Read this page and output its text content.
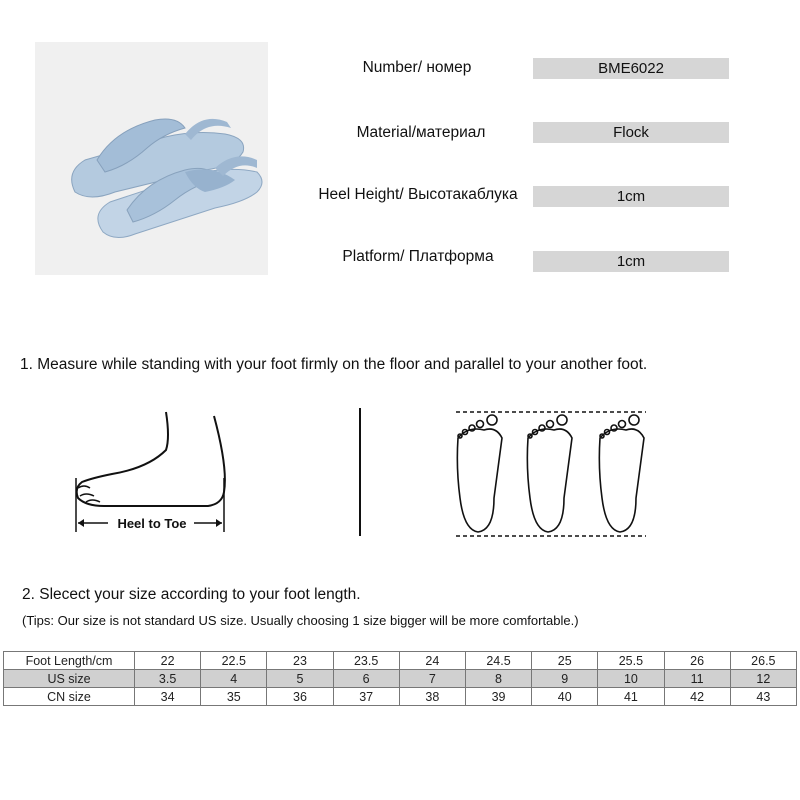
Number/ номер	BME6022
Material/материал	Flock
Heel Height/ Высотакаблука	1cm
Platform/ Платформа	1cm
1. Measure while standing with your foot firmly on the floor and parallel to your another foot.
Heel to Toe
2. Slecect your size according to your foot length.
(Tips: Our size is not standard US size. Usually choosing 1 size bigger will be more comfortable.)
Foot Length/cm	22	22.5	23	23.5	24	24.5	25	25.5	26	26.5
US size	3.5	4	5	6	7	8	9	10	11	12
CN size	34	35	36	37	38	39	40	41	42	43
